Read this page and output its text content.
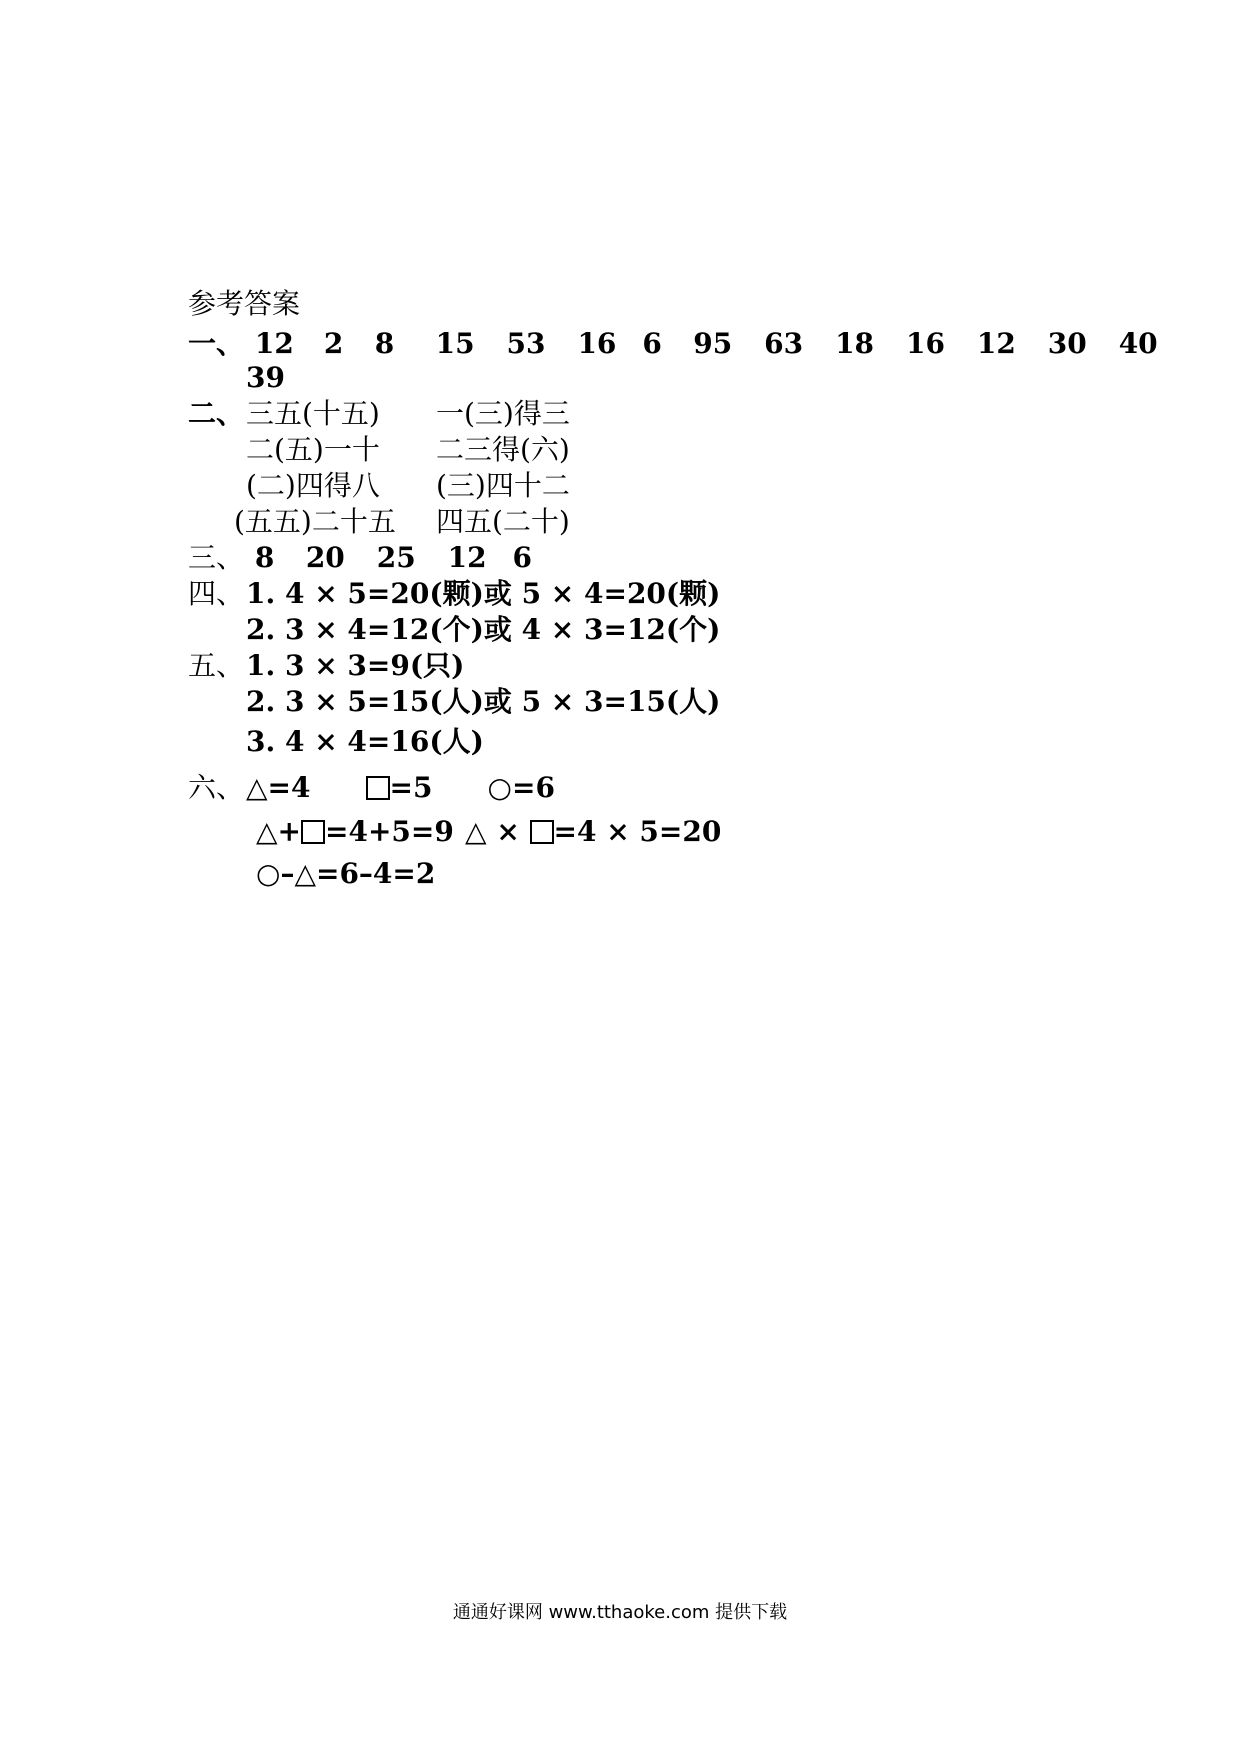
参考答案
一、 12 2 8 15 53 16 6 95 63 18 16 12 30 40
39
二、三五(十五) 一(三)得三
二(五)一十 二三得(六)
(二)四得八 (三)四十二
(五五)二十五 四五(二十)
三、 8 20 25 12 6
四、1. 4 × 5=20(颗)或 5 × 4=20(颗)
2. 3 × 4=12(个)或 4 × 3=12(个)
五、1. 3 × 3=9(只)
2. 3 × 5=15(人)或 5 × 3=15(人)
3. 4 × 4=16(人)
六、△=4	=5 ○=6
△+ =4+5=9 △ × =4 × 5=20
○–△=6–4=2
通通好课网 www.tthaoke.com 提供下载
